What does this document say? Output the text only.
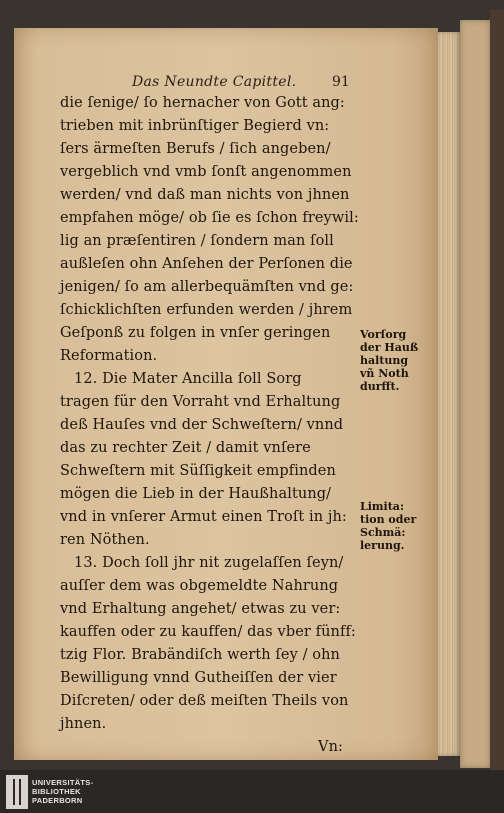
Das Neundte Capittel.	91
die ſenige/ ſo hernacher von Gott ang:
trieben mit inbrünſtiger Begierd vn:
ſers ärmeſten Berufs / ſich angeben/
vergeblich vnd vmb ſonſt angenommen
werden/ vnd daß man nichts von jhnen
empfahen möge/ ob ſie es ſchon freywil:
lig an præſentiren / ſondern man ſoll
außleſen ohn Anſehen der Perſonen die
jenigen/ ſo am allerbequämſten vnd ge:
ſchicklichſten erfunden werden / jhrem
Geſponß zu folgen in vnſer geringen
Reformation.
12. Die Mater Ancilla ſoll Sorg
tragen für den Vorraht vnd Erhaltung
deß Hauſes vnd der Schweſtern/ vnnd
das zu rechter Zeit / damit vnſere
Schweſtern mit Süſſigkeit empfinden
mögen die Lieb in der Haußhaltung/
vnd in vnſerer Armut einen Troſt in jh:
ren Nöthen.
13. Doch ſoll jhr nit zugelaſſen ſeyn/
auſſer dem was obgemeldte Nahrung
vnd Erhaltung angehet/ etwas zu ver:
kauffen oder zu kauffen/ das vber fünff:
tzig Flor. Brabändiſch werth ſey / ohn
Bewilligung vnnd Gutheiſſen der vier
Diſcreten/ oder deß meiſten Theils von
jhnen.
Vn:
Vorſorg
der Hauß
haltung
vñ Noth
durfft.
Limita:
tion oder
Schmä:
lerung.
UNIVERSITÄTS-
BIBLIOTHEK
PADERBORN
